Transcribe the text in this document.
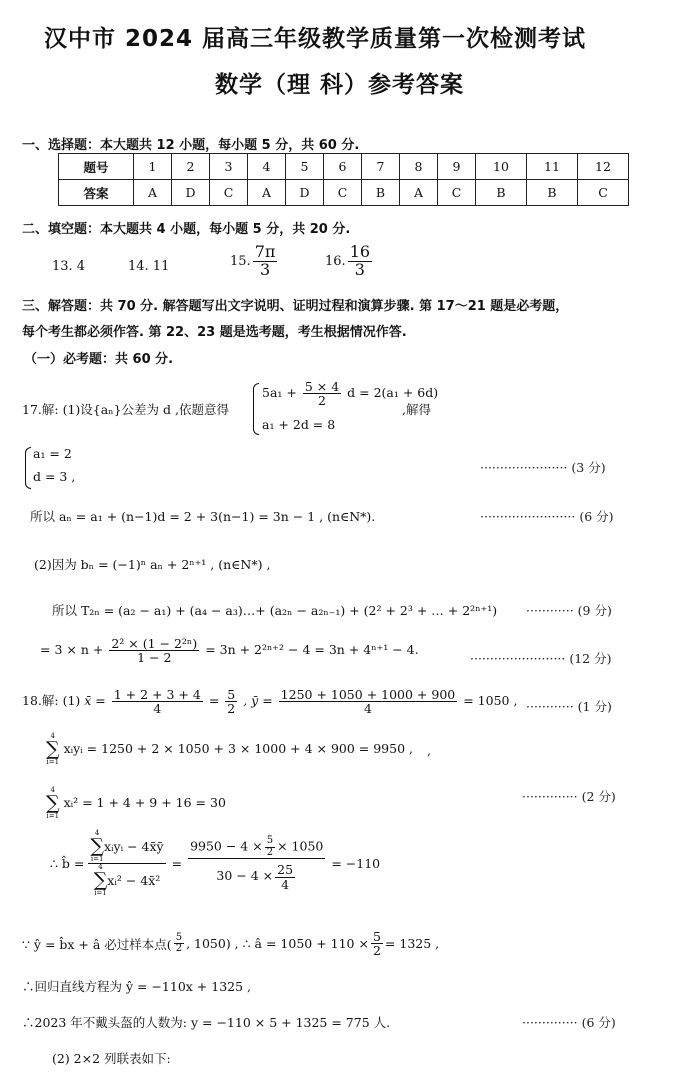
汉中市 2024 届高三年级教学质量第一次检测考试
数学（理 科）参考答案
一、选择题：本大题共 12 小题，每小题 5 分，共 60 分.
题号	1	2	3	4	5	6	7	8	9	10	11	12
答案	A	D	C	A	D	C	B	A	C	B	B	C
二、填空题：本大题共 4 小题，每小题 5 分，共 20 分.
13. 4	14. 11	15. $\frac{7\pi}{3}$	16. $\frac{16}{3}$
三、解答题：共 70 分. 解答题写出文字说明、证明过程和演算步骤. 第 17～21 题是必考题，
每个考生都必须作答. 第 22、23 题是选考题，考生根据情况作答.
（一）必考题：共 60 分.
17.解: (1)设{aₙ}公差为 d ,依题意得
$5a_1 + \frac{5 \times 4}{2}$ d = 2(a₁ + 6d)
a₁ + 2d = 8
,解得
a₁ = 2
d = 3 ,
······················ (3 分)
所以 aₙ = a₁ + (n−1)d = 2 + 3(n−1) = 3n − 1 , (n∈N*).	························ (6 分)
(2)因为 bₙ = (−1)ⁿ aₙ + 2ⁿ⁺¹ , (n∈N*) ,
所以 T₂ₙ = (a₂ − a₁) + (a₄ − a₃)…+ (a₂ₙ − a₂ₙ₋₁) + (2² + 2³ + … + 2²ⁿ⁺¹) ············ (9 分)
= $3 \times n + \frac{\text{2² × (1 − 2²ⁿ)}}{1 - 2} = 3n + 2^{2n+2} - 4 = 3n + 4^{n+1} - 4$.
························ (12 分)
18.解: (1) x̄ = $\frac{1 + 2 + 3 + 4}{4} = \frac{5}{2}$ , ȳ = $\frac{1250 + 1050 + 1000 + 900}{4} = 1050$ , ············ (1 分)
4
∑
i=1
xᵢyᵢ = 1250 + 2 × 1050 + 3 × 1000 + 4 × 900 = 9950 , ,
4
∑
i=1
xᵢ² = 1 + 4 + 9 + 16 = 30	·············· (2 分)
∴ b̂ = 4
∑
i=1
xᵢyᵢ − 4x̄ȳ
4
∑
i=1
xᵢ² − 4x̄² = $\frac{9950 - 4 \times \frac{5}{2} \times 1050}{30 - 4 \times \frac{25}{4}} = -110$
∵ ŷ = b̂x + â 必过样本点( $\frac{5}{2}$ , 1050) , ∴ â = $1050 + 110 \times \frac{5}{2} = 1325$ ,
∴回归直线方程为 ŷ = −110x + 1325 ,
∴2023 年不戴头盔的人数为: y = −110 × 5 + 1325 = 775 人.	·············· (6 分)
(2) 2×2 列联表如下:
